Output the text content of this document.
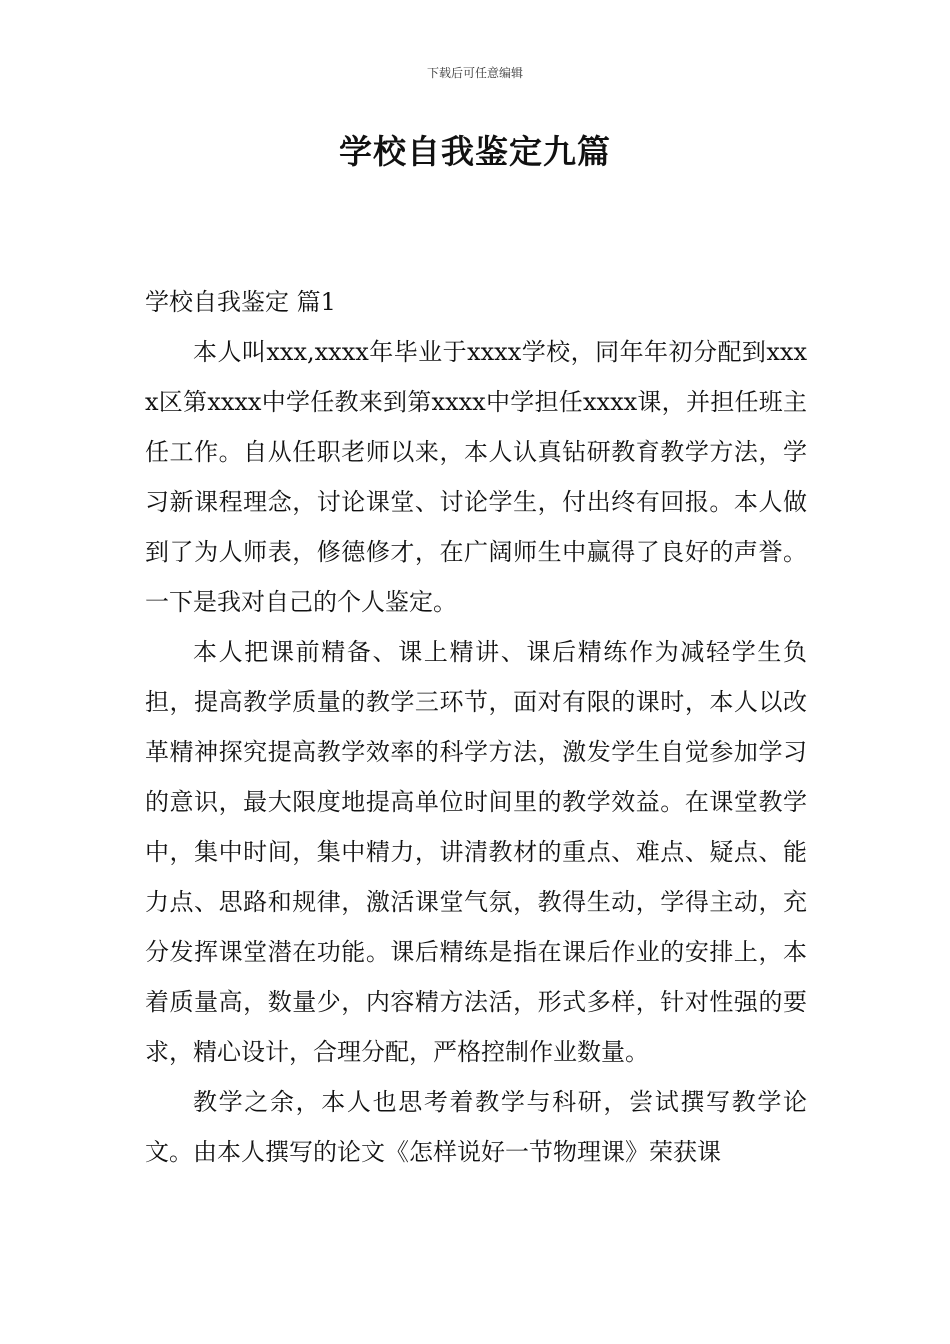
下载后可任意编辑
学校自我鉴定九篇

学校自我鉴定 篇1

本人叫xxx,xxxx年毕业于xxxx学校，同年年初分配到xxxx区第xxxx中学任教来到第xxxx中学担任xxxx课，并担任班主任工作。自从任职老师以来，本人认真钻研教育教学方法，学习新课程理念，讨论课堂、讨论学生，付出终有回报。本人做到了为人师表，修德修才，在广阔师生中赢得了良好的声誉。一下是我对自己的个人鉴定。

本人把课前精备、课上精讲、课后精练作为减轻学生负担，提高教学质量的教学三环节，面对有限的课时，本人以改革精神探究提高教学效率的科学方法，激发学生自觉参加学习的意识，最大限度地提高单位时间里的教学效益。在课堂教学中，集中时间，集中精力，讲清教材的重点、难点、疑点、能力点、思路和规律，激活课堂气氛，教得生动，学得主动，充分发挥课堂潜在功能。课后精练是指在课后作业的安排上，本着质量高，数量少，内容精方法活，形式多样，针对性强的要求，精心设计，合理分配，严格控制作业数量。

教学之余，本人也思考着教学与科研，尝试撰写教学论文。由本人撰写的论文《怎样说好一节物理课》荣获课
